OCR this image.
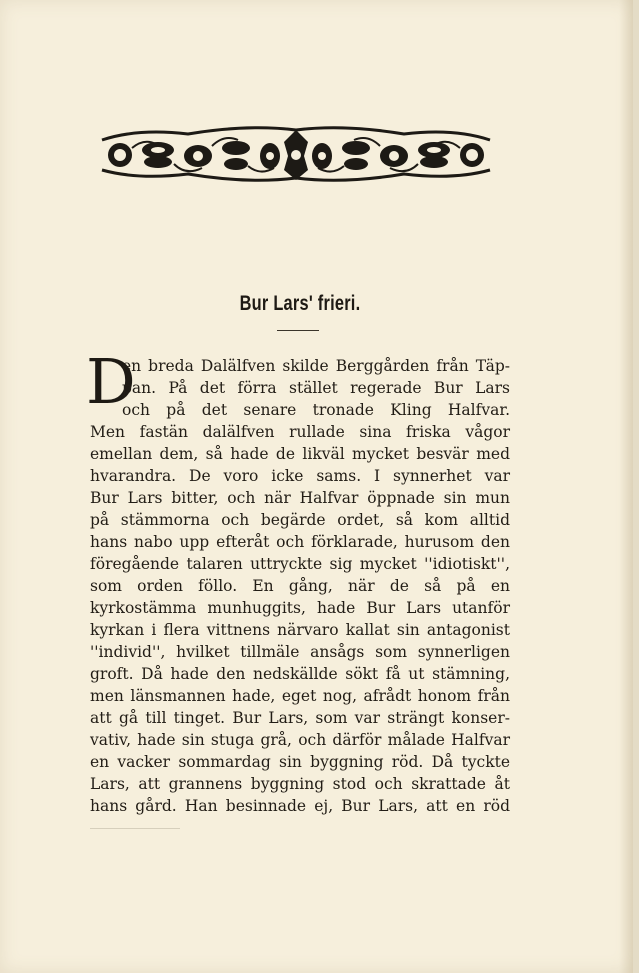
Bur Lars' frieri.
D
en breda Dalälfven skilde Berggården från Täp-
pan. På det förra stället regerade Bur Lars
och på det senare tronade Kling Halfvar.
Men fastän dalälfven rullade sina friska vågor
emellan dem, så hade de likväl mycket besvär med
hvarandra. De voro icke sams. I synnerhet var
Bur Lars bitter, och när Halfvar öppnade sin mun
på stämmorna och begärde ordet, så kom alltid
hans nabo upp efteråt och förklarade, hurusom den
föregående talaren uttryckte sig mycket ''idiotiskt'',
som orden föllo. En gång, när de så på en
kyrkostämma munhuggits, hade Bur Lars utanför
kyrkan i flera vittnens närvaro kallat sin antagonist
''individ'', hvilket tillmäle ansågs som synnerligen
groft. Då hade den nedskällde sökt få ut stämning,
men länsmannen hade, eget nog, afrådt honom från
att gå till tinget. Bur Lars, som var strängt konser-
vativ, hade sin stuga grå, och därför målade Halfvar
en vacker sommardag sin byggning röd. Då tyckte
Lars, att grannens byggning stod och skrattade åt
hans gård. Han besinnade ej, Bur Lars, att en röd
